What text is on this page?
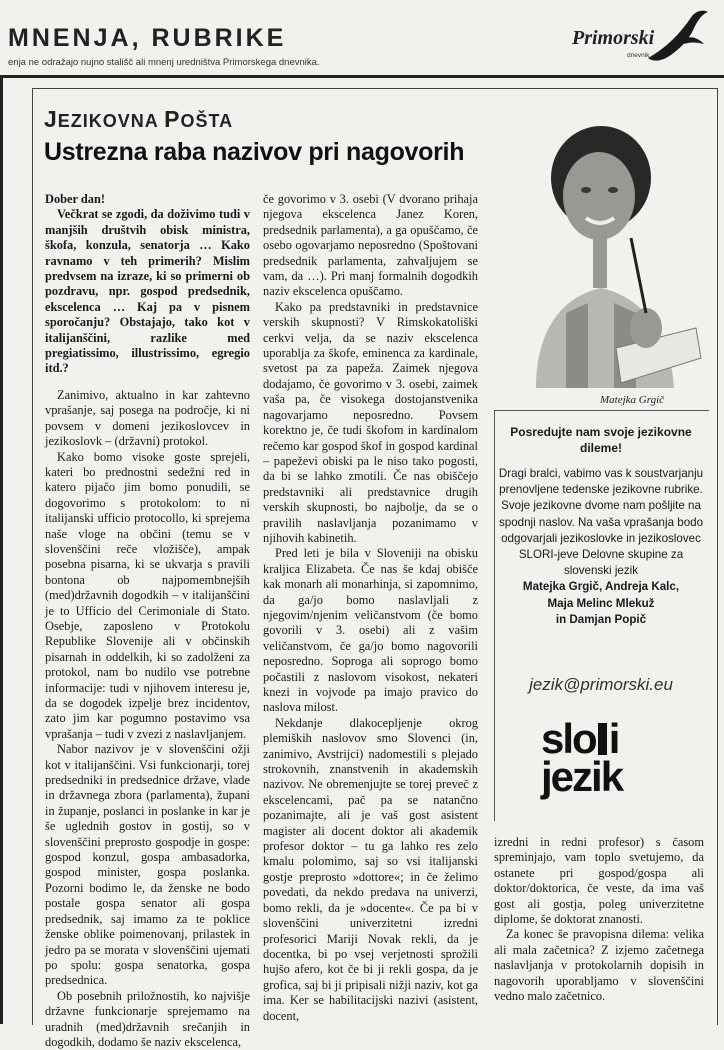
MNENJA, RUBRIKE
enja ne odražajo nujno stališč ali mnenj uredništva Primorskega dnevnika.
Primorski
dnevnik
JEZIKOVNA POŠTA
Ustrezna raba nazivov pri nagovorih

Dober dan!

Večkrat se zgodi, da doživimo tudi v manjših društvih obisk ministra, škofa, konzula, senatorja … Kako ravnamo v teh primerih? Mislim predvsem na izraze, ki so primerni ob pozdravu, npr. gospod predsednik, ekscelenca … Kaj pa v pisnem sporočanju? Obstajajo, tako kot v italijanščini, razlike med pregiatissimo, illustrissimo, egregio itd.?

Zanimivo, aktualno in kar zahtevno vprašanje, saj posega na področje, ki ni povsem v domeni jezikoslovcev in jezikoslovk – (državni) protokol.

Kako bomo visoke goste sprejeli, kateri bo prednostni sedežni red in katero pijačo jim bomo ponudili, se dogovorimo s protokolom: to ni italijanski ufficio protocollo, ki sprejema naše vloge na občini (temu se v slovenščini reče vložišče), ampak posebna pisarna, ki se ukvarja s pravili bontona ob najpomembnejših (med)državnih dogodkih – v italijanščini je to Ufficio del Cerimoniale di Stato. Osebje, zaposleno v Protokolu Republike Slovenije ali v občinskih pisarnah in oddelkih, ki so zadolženi za protokol, nam bo nudilo vse potrebne informacije: tudi v njihovem interesu je, da se dogodek izpelje brez incidentov, zato jim kar pogumno postavimo vsa vprašanja – tudi v zvezi z naslavljanjem.

Nabor nazivov je v slovenščini ožji kot v italijanščini. Vsi funkcionarji, torej predsedniki in predsednice države, vlade in državnega zbora (parlamenta), župani in županje, poslanci in poslanke in kar je še uglednih gostov in gostij, so v slovenščini preprosto gospodje in gospe: gospod konzul, gospa ambasadorka, gospod minister, gospa poslanka. Pozorni bodimo le, da ženske ne bodo postale gospa senator ali gospa predsednik, saj imamo za te poklice ženske oblike poimenovanj, prilastek in jedro pa se morata v slovenščini ujemati po spolu: gospa senatorka, gospa predsednica.

Ob posebnih priložnostih, ko najvišje državne funkcionarje sprejemamo na uradnih (med)državnih srečanjih in dogodkih, dodamo še naziv ekscelenca,

če govorimo v 3. osebi (V dvorano prihaja njegova ekscelenca Janez Koren, predsednik parlamenta), a ga opuščamo, če osebo ogovarjamo neposredno (Spoštovani predsednik parlamenta, zahvaljujem se vam, da …). Pri manj formalnih dogodkih naziv ekscelenca opuščamo.

Kako pa predstavniki in predstavnice verskih skupnosti? V Rimskokatoliški cerkvi velja, da se naziv ekscelenca uporablja za škofe, eminenca za kardinale, svetost pa za papeža. Zaimek njegova dodajamo, če govorimo v 3. osebi, zaimek vaša pa, če visokega dostojanstvenika nagovarjamo neposredno. Povsem korektno je, če tudi škofom in kardinalom rečemo kar gospod škof in gospod kardinal – papeževi obiski pa le niso tako pogosti, da bi se lahko zmotili. Če nas obiščejo predstavniki ali predstavnice drugih verskih skupnosti, bo najbolje, da se o pravilih naslavljanja pozanimamo v njihovih kabinetih.

Pred leti je bila v Sloveniji na obisku kraljica Elizabeta. Če nas še kdaj obišče kak monarh ali monarhinja, si zapomnimo, da ga/jo bomo naslavljali z njegovim/njenim veličanstvom (če bomo govorili v 3. osebi) ali z vašim veličanstvom, če ga/jo bomo nagovorili neposredno. Soproga ali soprogo bomo počastili z naslovom visokost, nekateri knezi in vojvode pa imajo pravico do naslova milost.

Nekdanje dlakocepljenje okrog plemiških naslovov smo Slovenci (in, zanimivo, Avstrijci) nadomestili s plejado strokovnih, znanstvenih in akademskih nazivov. Ne obremenjujte se torej preveč z ekscelencami, pač pa se natančno pozanimajte, ali je vaš gost asistent magister ali docent doktor ali akademik profesor doktor – tu ga lahko res zelo kmalu polomimo, saj so vsi italijanski gostje preprosto »dottore«; in če želimo povedati, da nekdo predava na univerzi, bomo rekli, da je »docente«. Če pa bi v slovenščini univerzitetni izredni profesorici Mariji Novak rekli, da je docentka, bi po vsej verjetnosti sprožili hujšo afero, kot če bi ji rekli gospa, da je grofica, saj bi ji pripisali nižji naziv, kot ga ima. Ker se habilitacijski nazivi (asistent, docent,

Matejka Grgič
Posredujte nam svoje jezikovne dileme!
Dragi bralci, vabimo vas k soustvarjanju prenovljene tedenske jezikovne rubrike. Svoje jezikovne dvome nam pošljite na spodnji naslov. Na vaša vprašanja bodo odgovarjali jezikoslovke in jezikoslovec SLORI-jeve Delovne skupine za slovenski jezik
Matejka Grgič, Andreja Kalc,
Maja Melinc Mlekuž
in Damjan Popič
jezik@primorski.eu
slo i
jezik

izredni in redni profesor) s časom spreminjajo, vam toplo svetujemo, da ostanete pri gospod/gospa ali doktor/doktorica, če veste, da ima vaš gost ali gostja, poleg univerzitetne diplome, še doktorat znanosti.

Za konec še pravopisna dilema: velika ali mala začetnica? Z izjemo začetnega naslavljanja v protokolarnih dopisih in nagovorih uporabljamo v slovenščini vedno malo začetnico.
